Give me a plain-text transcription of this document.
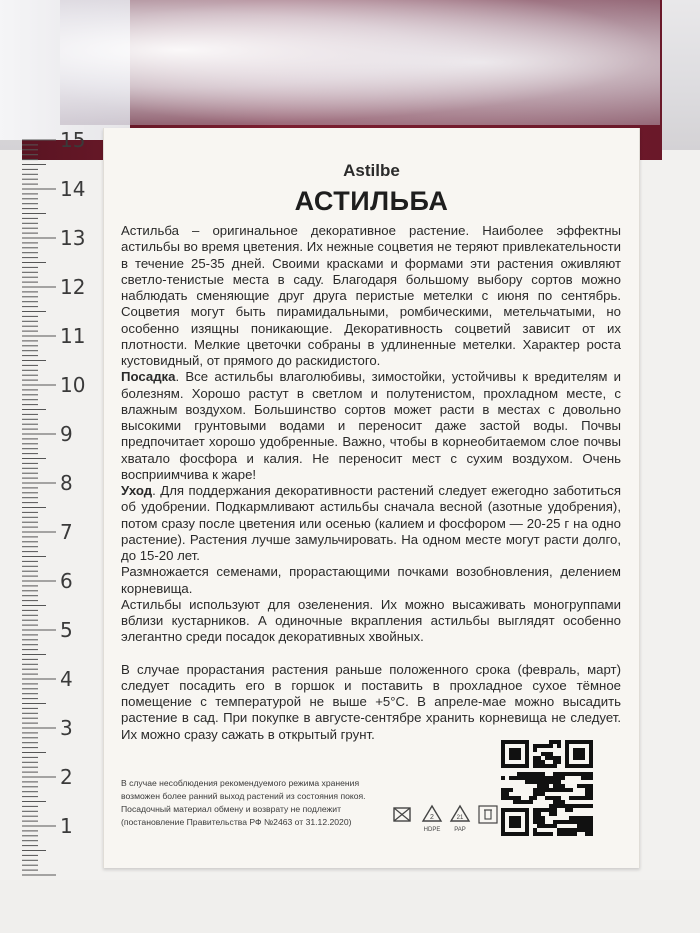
15
14
13
12
11
10
9
8
7
6
5
4
3
2
1
Astilbe
АСТИЛЬБА

Астильба – оригинальное декоративное растение. Наиболее эффектны астильбы во время цветения. Их нежные соцветия не теряют привлекательности в течение 25-35 дней. Своими красками и формами эти растения оживляют светло-тенистые места в саду. Благодаря большому выбору сортов можно наблюдать сменяющие друг друга перистые метелки с июня по сентябрь. Соцветия могут быть пирамидальными, ромбическими, метельчатыми, но особенно изящны поникающие. Декоративность соцветий зависит от их плотности. Мелкие цветочки собраны в удлиненные метелки. Характер роста кустовидный, от прямого до раскидистого.

Посадка. Все астильбы влаголюбивы, зимостойки, устойчивы к вредителям и болезням. Хорошо растут в светлом и полутенистом, прохладном месте, с влажным воздухом. Большинство сортов может расти в местах с довольно высокими грунтовыми водами и переносит даже застой воды. Почвы предпочитает хорошо удобренные. Важно, чтобы в корнеобитаемом слое почвы хватало фосфора и калия. Не переносит мест с сухим воздухом. Очень восприимчива к жаре!

Уход. Для поддержания декоративности растений следует ежегодно заботиться об удобрении. Подкармливают астильбы сначала весной (азотные удобрения), потом сразу после цветения или осенью (калием и фосфором — 20-25 г на одно растение). Растения лучше замульчировать. На одном месте могут расти долго, до 15-20 лет.

Размножается семенами, прорастающими почками возобновления, делением корневища.

Астильбы используют для озеленения. Их можно высаживать моногруппами вблизи кустарников. А одиночные вкрапления астильбы выглядят особенно элегантно среди посадок декоративных хвойных.

В случае прорастания растения раньше положенного срока (февраль, март) следует посадить его в горшок и поставить в прохладное сухое тёмное помещение с температурой не выше +5°С. В апреле-мае можно высадить растение в сад. При покупке в августе-сентябре хранить корневища не следует. Их можно сразу сажать в открытый грунт.

В случае несоблюдения рекомендуемого режима хранения
возможен более ранний выход растений из состояния покоя.
Посадочный материал обмену и возврату не подлежит
(постановление Правительства РФ №2463 от 31.12.2020)	2
HDPE
21
PAP
